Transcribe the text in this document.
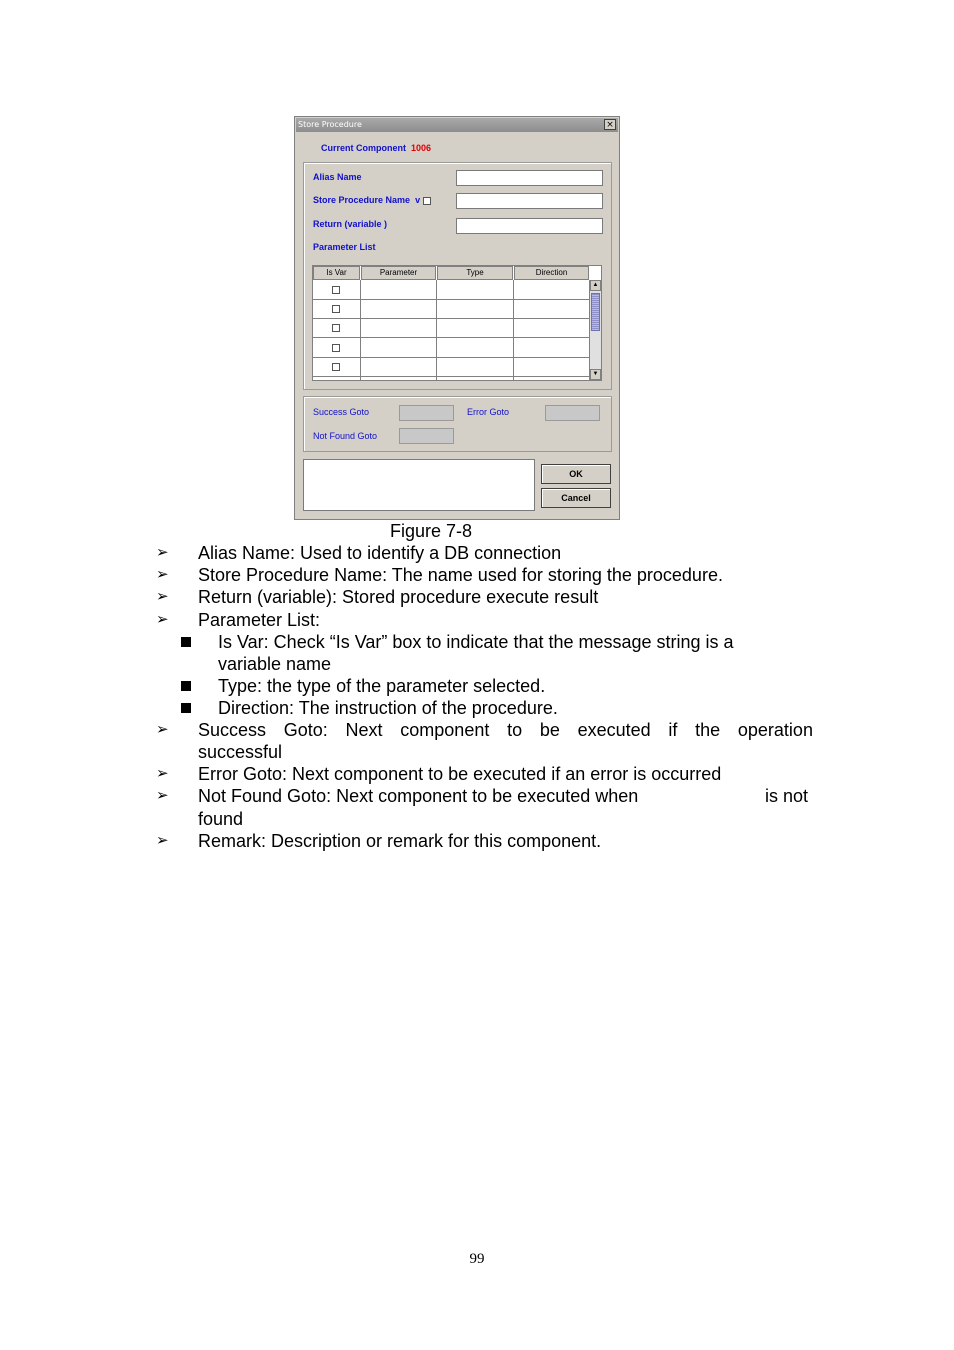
Store Procedure	×
Current Component 1006
Alias Name
Store Procedure Name v
Return (variable )
Parameter List
Is Var	Parameter	Type	Direction
▲
▼
Success Goto	Error Goto
Not Found Goto
OK
Cancel
Figure 7-8
➢ Alias Name: Used to identify a DB connection
➢ Store Procedure Name: The name used for storing the procedure.
➢ Return (variable): Stored procedure execute result
➢ Parameter List:
Is Var: Check “Is Var” box to indicate that the message string is a
variable name
Type: the type of the parameter selected.
Direction: The instruction of the procedure.
➢ Success Goto: Next component to be executed if the operation
successful
➢ Error Goto: Next component to be executed if an error is occurred
➢ Not Found Goto: Next component to be executed when	is not
found
➢ Remark: Description or remark for this component.
99
